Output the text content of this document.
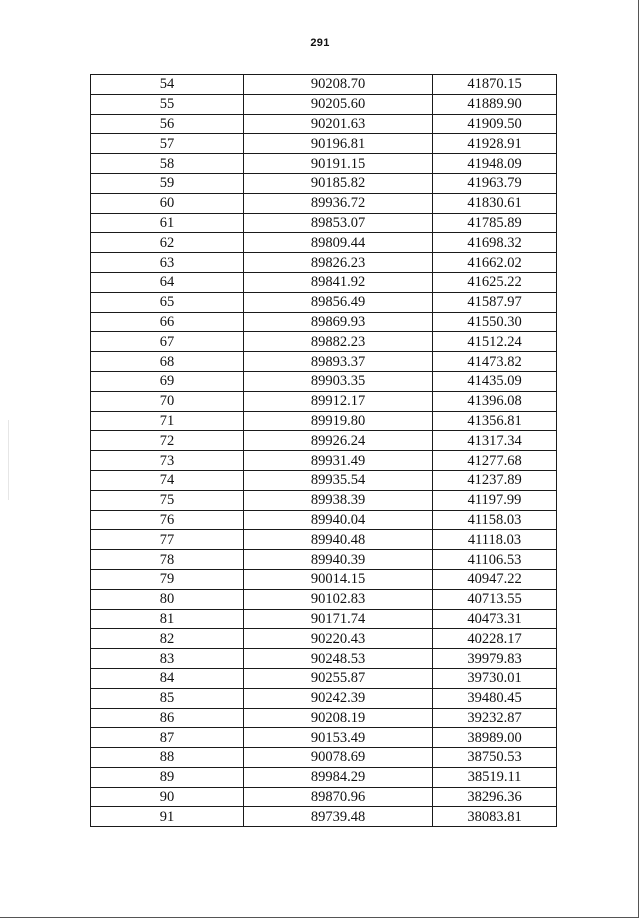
291
54	90208.70	41870.15
55	90205.60	41889.90
56	90201.63	41909.50
57	90196.81	41928.91
58	90191.15	41948.09
59	90185.82	41963.79
60	89936.72	41830.61
61	89853.07	41785.89
62	89809.44	41698.32
63	89826.23	41662.02
64	89841.92	41625.22
65	89856.49	41587.97
66	89869.93	41550.30
67	89882.23	41512.24
68	89893.37	41473.82
69	89903.35	41435.09
70	89912.17	41396.08
71	89919.80	41356.81
72	89926.24	41317.34
73	89931.49	41277.68
74	89935.54	41237.89
75	89938.39	41197.99
76	89940.04	41158.03
77	89940.48	41118.03
78	89940.39	41106.53
79	90014.15	40947.22
80	90102.83	40713.55
81	90171.74	40473.31
82	90220.43	40228.17
83	90248.53	39979.83
84	90255.87	39730.01
85	90242.39	39480.45
86	90208.19	39232.87
87	90153.49	38989.00
88	90078.69	38750.53
89	89984.29	38519.11
90	89870.96	38296.36
91	89739.48	38083.81
